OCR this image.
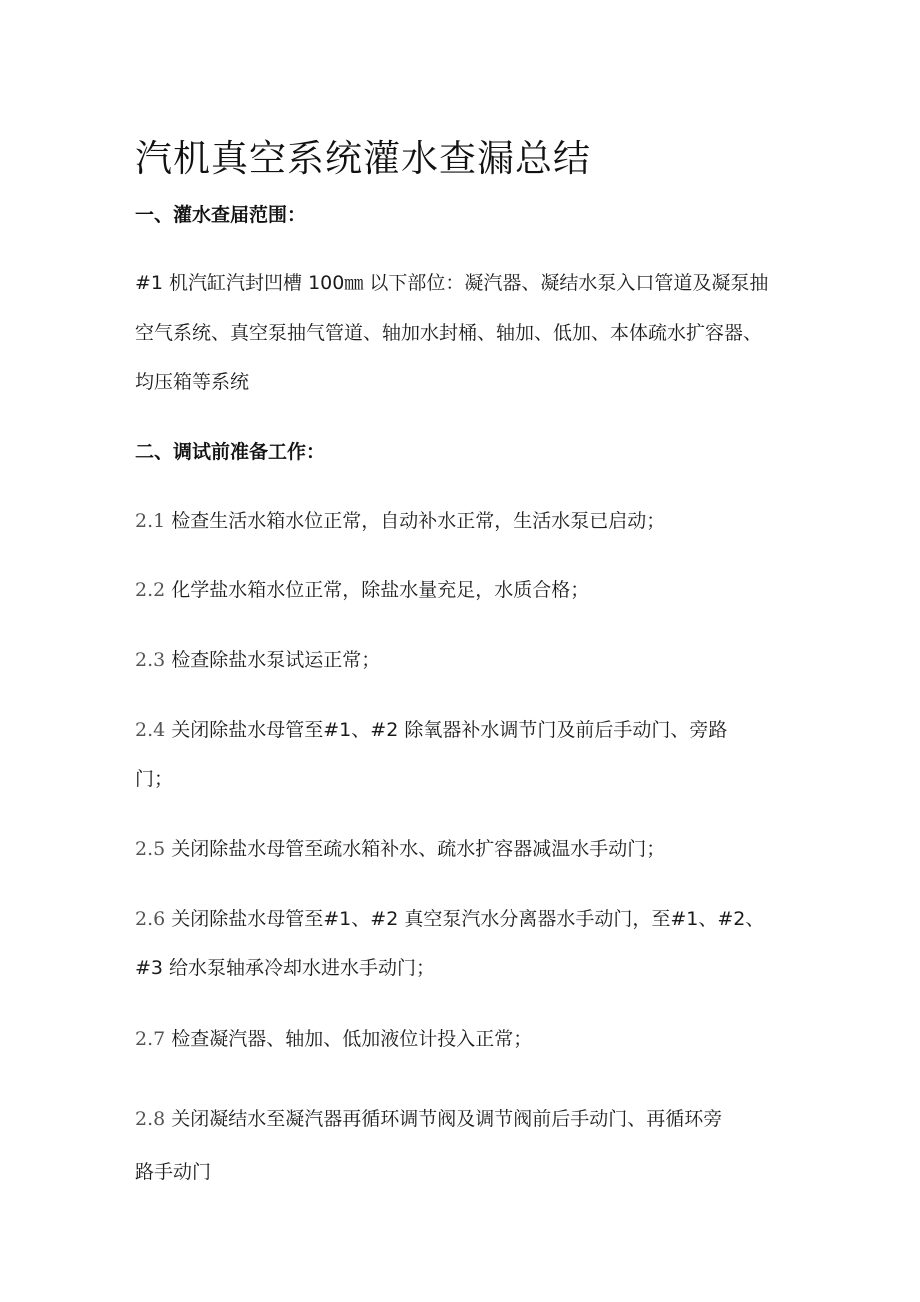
汽机真空系统灌水查漏总结
一、灌水查届范围：
#1 机汽缸汽封凹槽 100㎜ 以下部位：凝汽器、凝结水泵入口管道及凝泵抽
空气系统、真空泵抽气管道、轴加水封桶、轴加、低加、本体疏水扩容器、
均压箱等系统
二、调试前准备工作：
2.1 检查生活水箱水位正常，自动补水正常，生活水泵已启动；
2.2 化学盐水箱水位正常，除盐水量充足，水质合格；
2.3 检查除盐水泵试运正常；
2.4 关闭除盐水母管至#1、#2 除氧器补水调节门及前后手动门、旁路
门；
2.5 关闭除盐水母管至疏水箱补水、疏水扩容器减温水手动门；
2.6 关闭除盐水母管至#1、#2 真空泵汽水分离器水手动门，至#1、#2、
#3 给水泵轴承冷却水进水手动门；
2.7 检查凝汽器、轴加、低加液位计投入正常；
2.8 关闭凝结水至凝汽器再循环调节阀及调节阀前后手动门、再循环旁
路手动门
